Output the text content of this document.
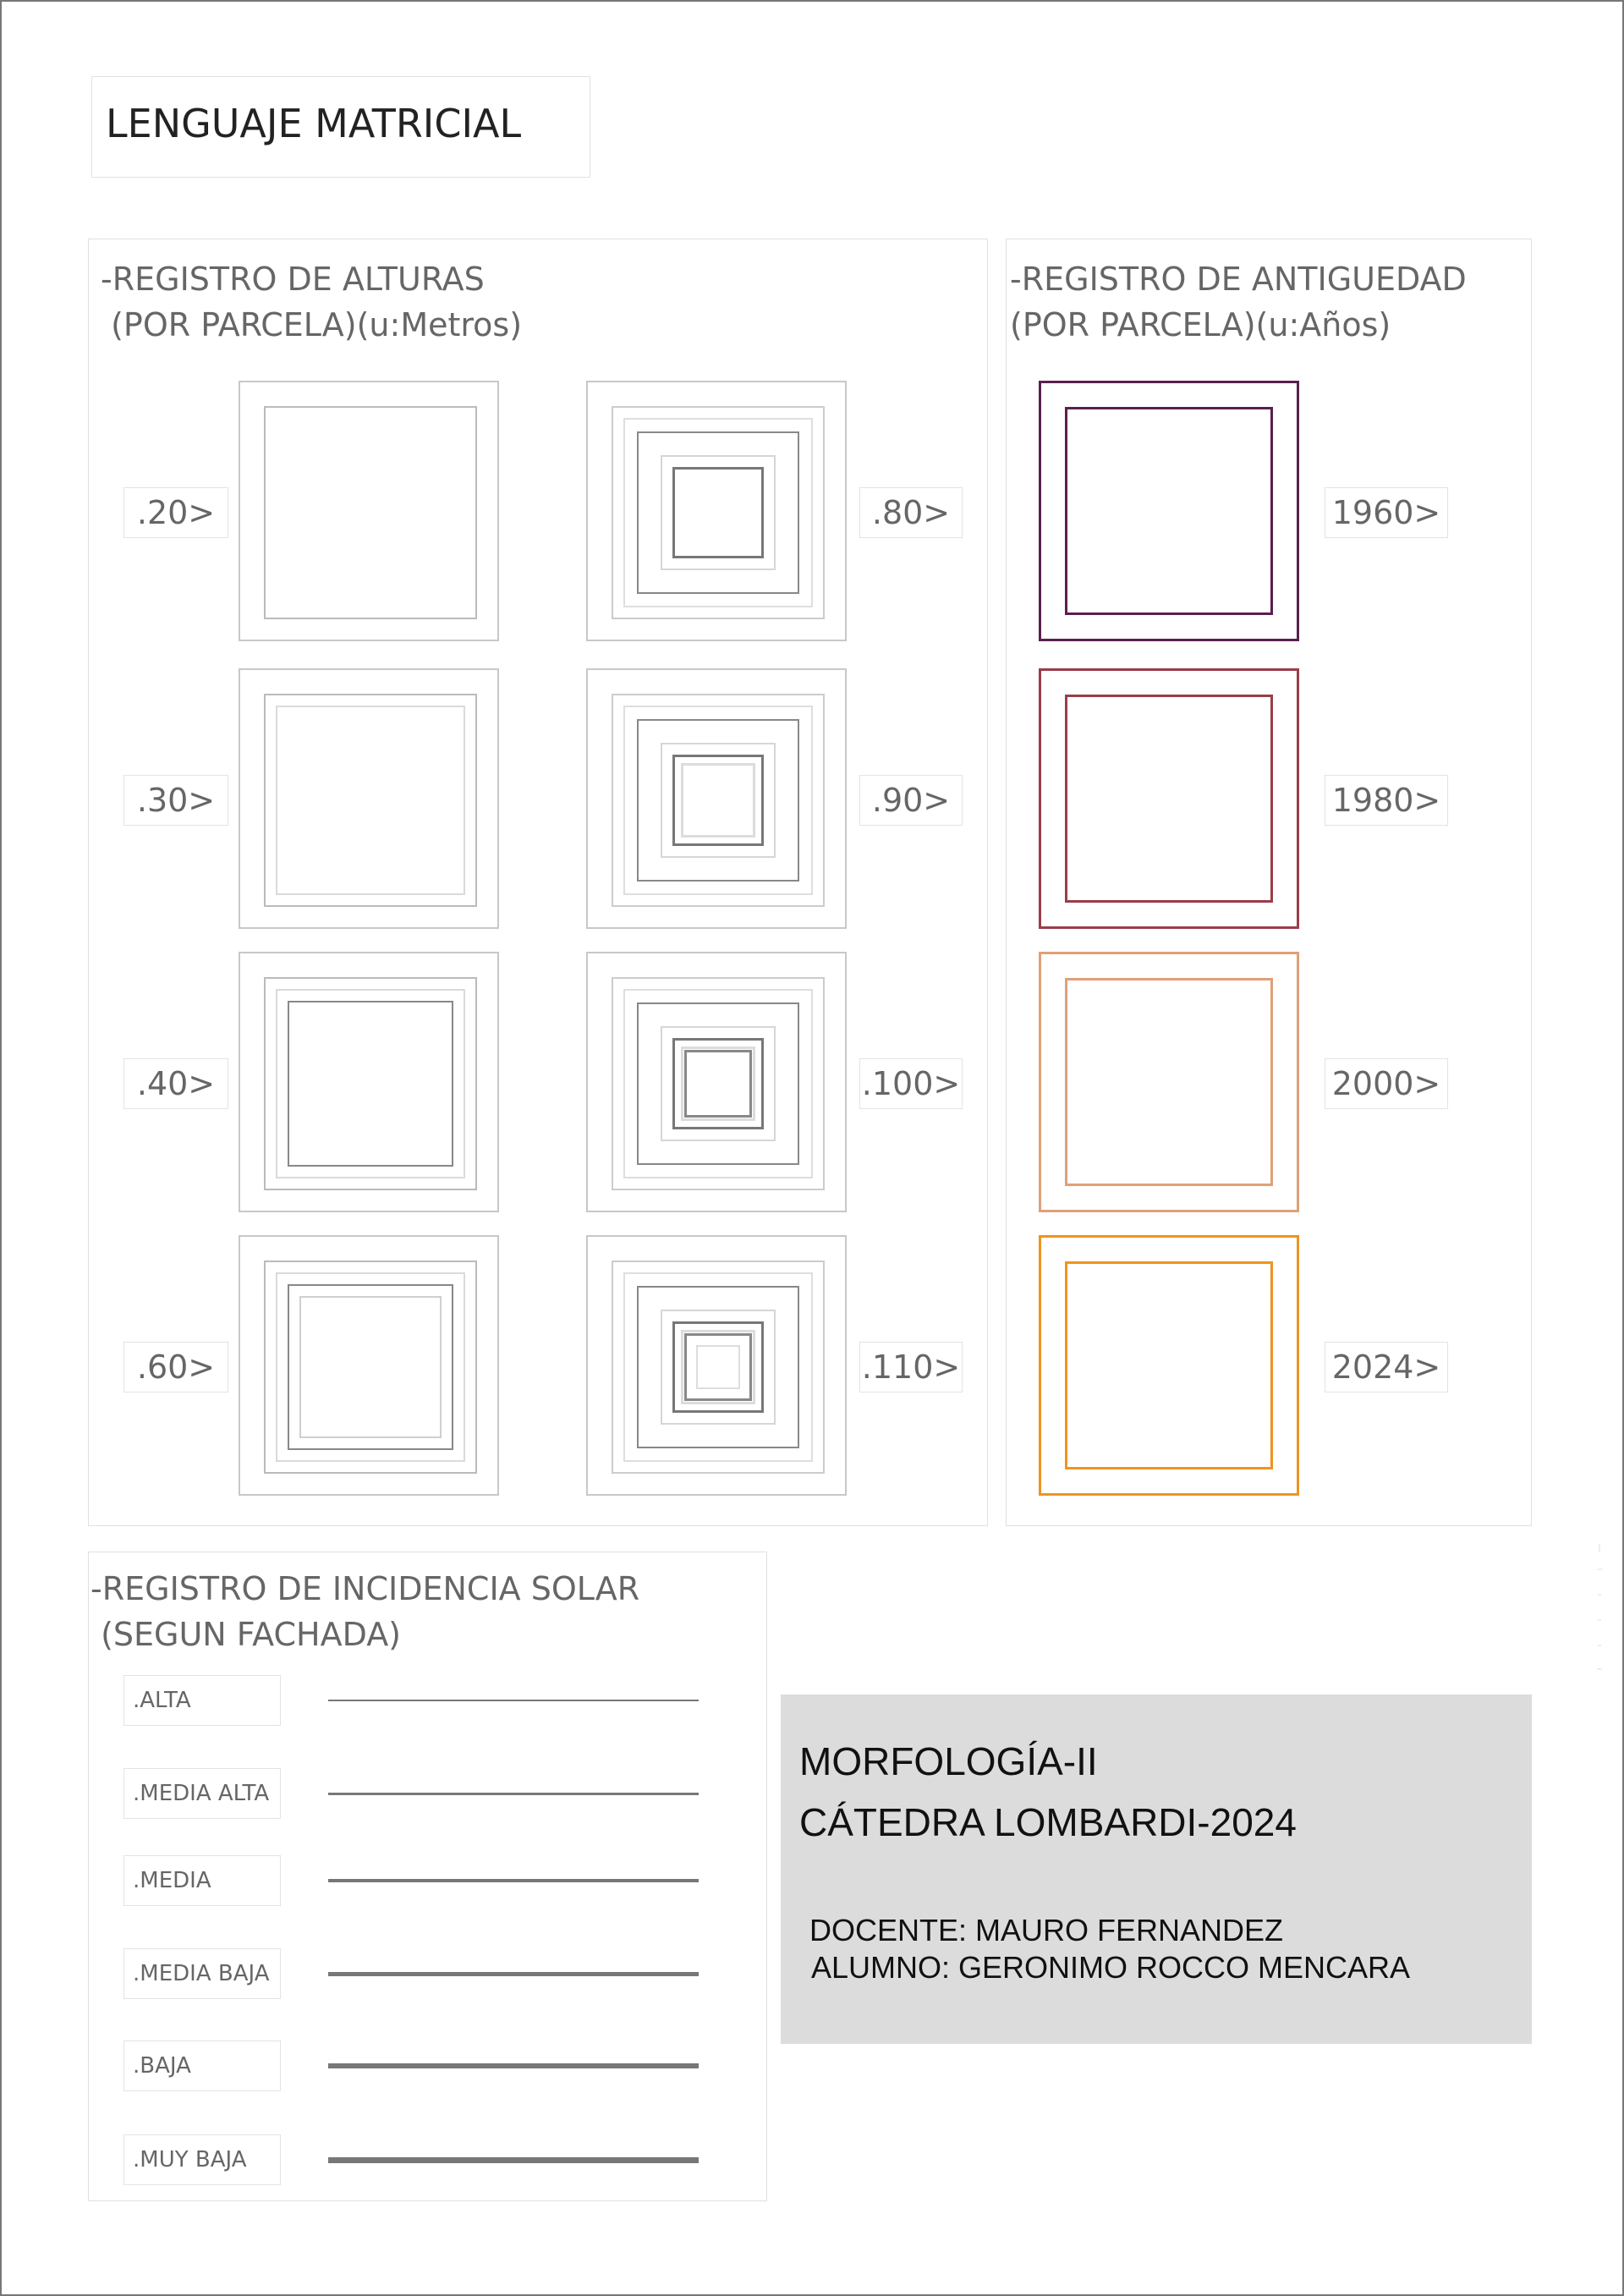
LENGUAJE MATRICIAL
-REGISTRO DE ALTURAS
(POR PARCELA)(u:Metros)
.20>
.30>
.40>
.60>
.80>
.90>
.100>
.110>
-REGISTRO DE ANTIGUEDAD
(POR PARCELA)(u:Años)
1960>
1980>
2000>
2024>
-REGISTRO DE INCIDENCIA SOLAR
(SEGUN FACHADA)
.ALTA
.MEDIA ALTA
.MEDIA
.MEDIA BAJA
.BAJA
.MUY BAJA
MORFOLOGÍA-II
CÁTEDRA LOMBARDI-2024
DOCENTE: MAURO FERNANDEZ
ALUMNO: GERONIMO ROCCO MENCARA
